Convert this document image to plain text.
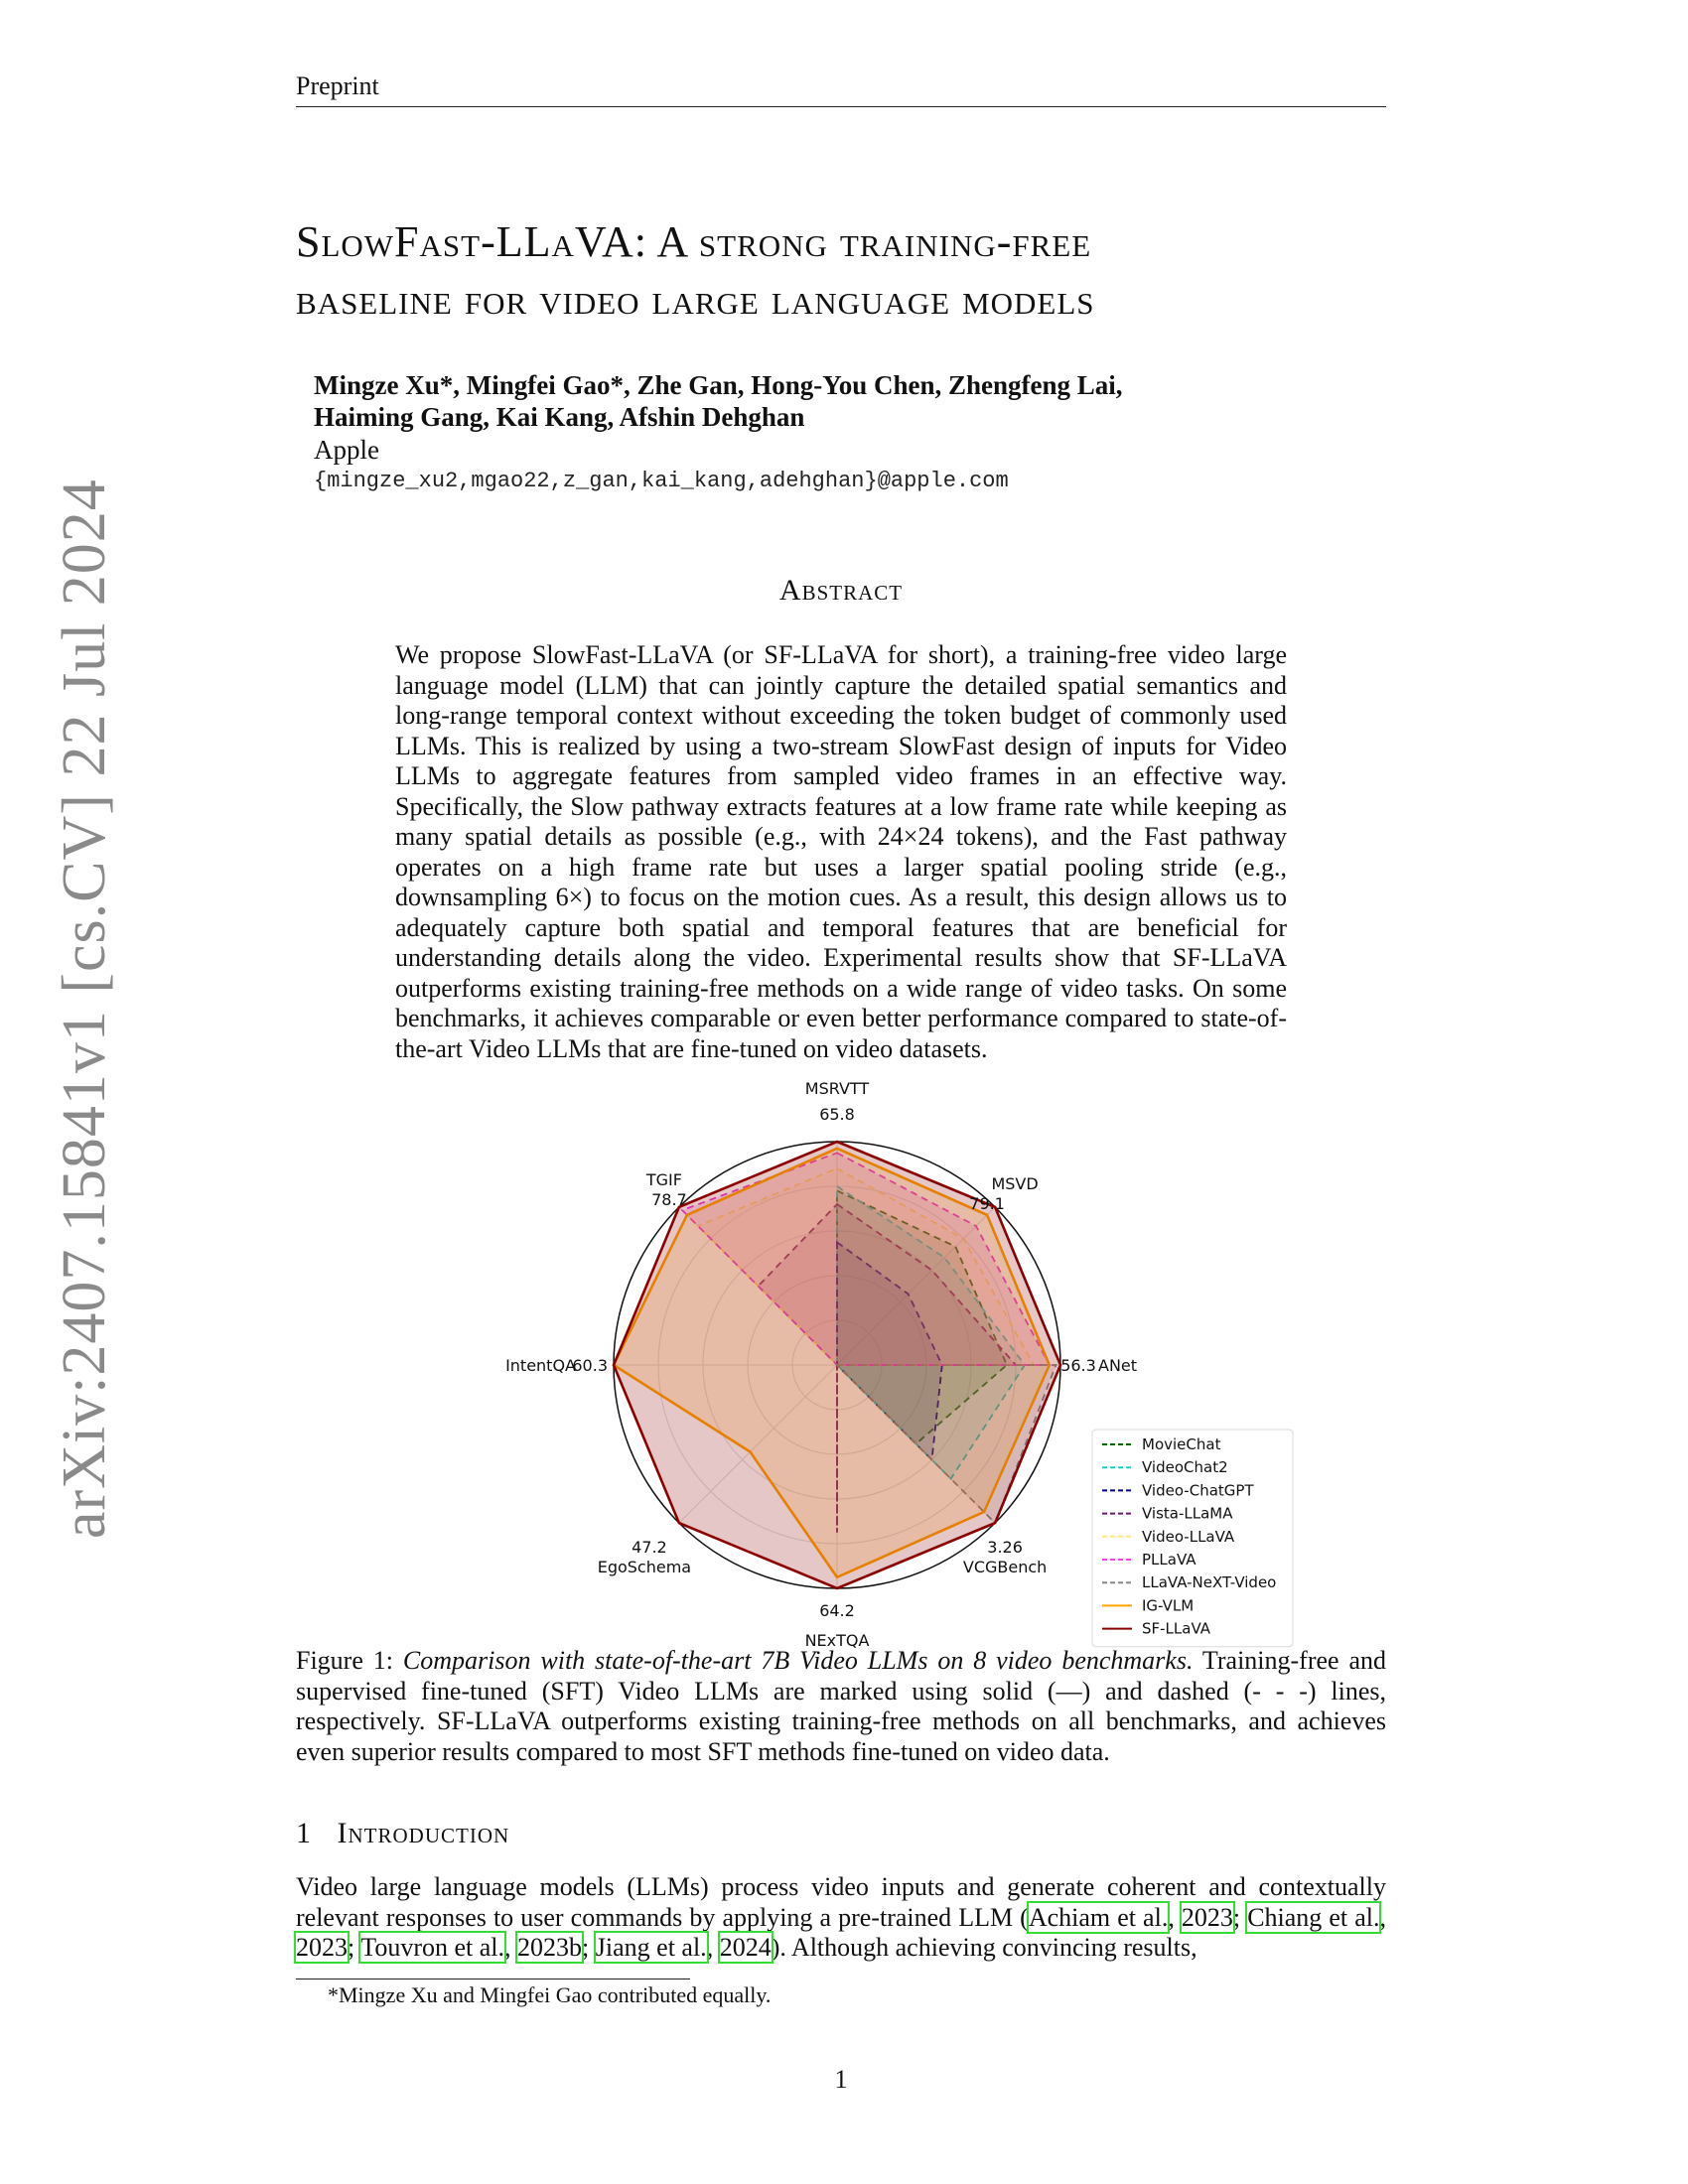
Preprint
arXiv:2407.15841v1 [cs.CV] 22 Jul 2024
SlowFast-LLaVA: A strong training-free
baseline for video large language models
Mingze Xu*, Mingfei Gao*, Zhe Gan, Hong-You Chen, Zhengfeng Lai,
Haiming Gang, Kai Kang, Afshin Dehghan
Apple
{mingze_xu2,mgao22,z_gan,kai_kang,adehghan}@apple.com
Abstract
We propose SlowFast-LLaVA (or SF-LLaVA for short), a training-free video large language model (LLM) that can jointly capture the detailed spatial semantics and long-range temporal context without exceeding the token budget of commonly used LLMs. This is realized by using a two-stream SlowFast design of inputs for Video LLMs to aggregate features from sampled video frames in an effective way. Specifically, the Slow pathway extracts features at a low frame rate while keeping as many spatial details as possible (e.g., with 24×24 tokens), and the Fast pathway operates on a high frame rate but uses a larger spatial pooling stride (e.g., downsampling 6×) to focus on the motion cues. As a result, this design allows us to adequately capture both spatial and temporal features that are beneficial for understanding details along the video. Experimental results show that SF-LLaVA outperforms existing training-free methods on a wide range of video tasks. On some benchmarks, it achieves comparable or even better performance compared to state-of-the-art Video LLMs that are fine-tuned on video datasets.
MSRVTT
65.8
MSVD
79.1
ANet
56.3
VCGBench
3.26
NExTQA
64.2
EgoSchema
47.2
IntentQA
60.3
TGIF
78.7
MovieChat
VideoChat2
Video-ChatGPT
Vista-LLaMA
Video-LLaVA
PLLaVA
LLaVA-NeXT-Video
IG-VLM
SF-LLaVA
Figure 1: Comparison with state-of-the-art 7B Video LLMs on 8 video benchmarks. Training-free and supervised fine-tuned (SFT) Video LLMs are marked using solid (—) and dashed (- - -) lines, respectively. SF-LLaVA outperforms existing training-free methods on all benchmarks, and achieves even superior results compared to most SFT methods fine-tuned on video data.
1 Introduction
Video large language models (LLMs) process video inputs and generate coherent and contextually relevant responses to user commands by applying a pre-trained LLM (Achiam et al., 2023; Chiang et al., 2023; Touvron et al., 2023b; Jiang et al., 2024). Although achieving convincing results,
*Mingze Xu and Mingfei Gao contributed equally.
1
